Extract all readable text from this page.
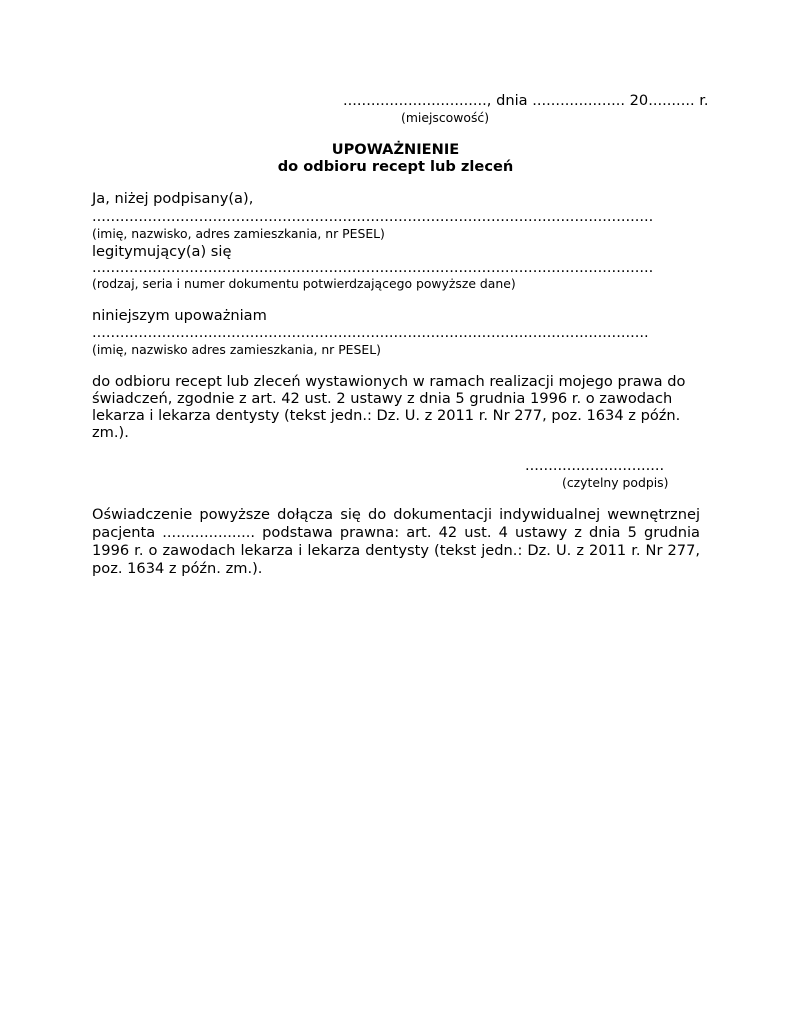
..............................., dnia .................... 20.......... r.
(miejscowość)
UPOWAŻNIENIE
do odbioru recept lub zleceń
Ja, niżej podpisany(a),
.........................................................................................................................
(imię, nazwisko, adres zamieszkania, nr PESEL)
legitymujący(a) się
.........................................................................................................................
(rodzaj, seria i numer dokumentu potwierdzającego powyższe dane)
niniejszym upoważniam
........................................................................................................................
(imię, nazwisko adres zamieszkania, nr PESEL)
do odbioru recept lub zleceń wystawionych w ramach realizacji mojego prawa do
świadczeń, zgodnie z art. 42 ust. 2 ustawy z dnia 5 grudnia 1996 r. o zawodach
lekarza i lekarza dentysty (tekst jedn.: Dz. U. z 2011 r. Nr 277, poz. 1634 z późn.
zm.).
..............................
(czytelny podpis)
Oświadczenie powyższe dołącza się do dokumentacji indywidualnej wewnętrznej
pacjenta .................... podstawa prawna: art. 42 ust. 4 ustawy z dnia 5 grudnia
1996 r. o zawodach lekarza i lekarza dentysty (tekst jedn.: Dz. U. z 2011 r. Nr 277,
poz. 1634 z późn. zm.).
